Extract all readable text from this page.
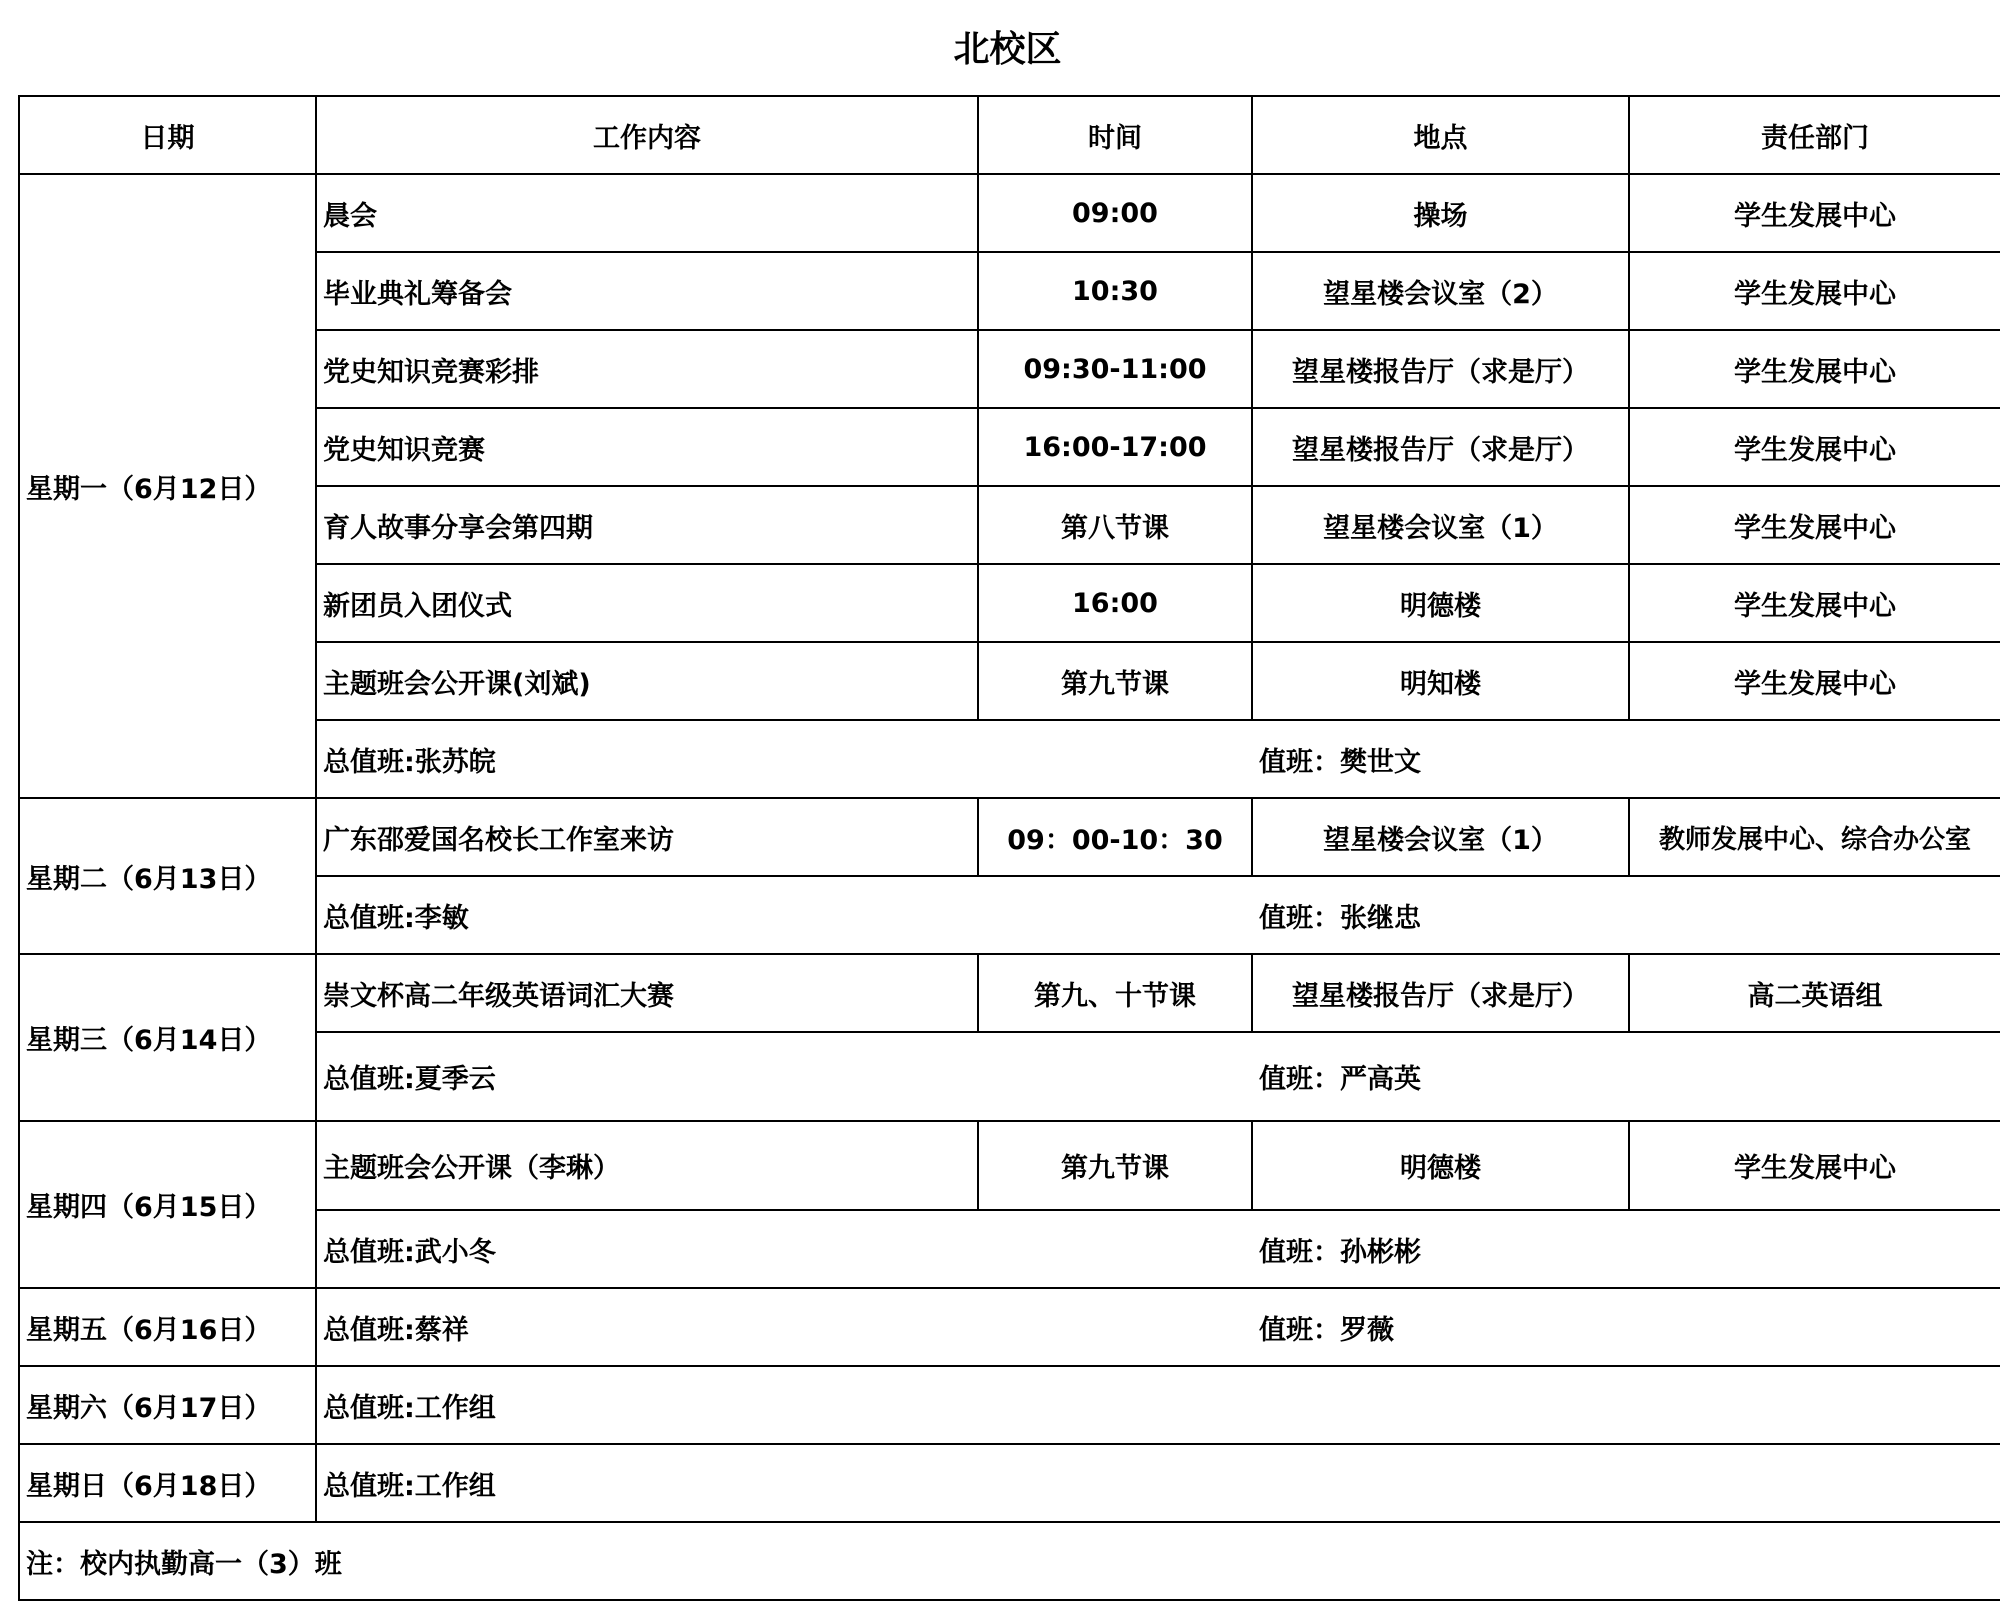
北校区
日期	工作内容	时间	地点	责任部门
星期一（6月12日）	晨会	09:00	操场	学生发展中心
	毕业典礼筹备会	10:30	望星楼会议室（2）	学生发展中心
	党史知识竞赛彩排	09:30-11:00	望星楼报告厅（求是厅）	学生发展中心
	党史知识竞赛	16:00-17:00	望星楼报告厅（求是厅）	学生发展中心
	育人故事分享会第四期	第八节课	望星楼会议室（1）	学生发展中心
	新团员入团仪式	16:00	明德楼	学生发展中心
	主题班会公开课(刘斌)	第九节课	明知楼	学生发展中心

	总值班:张苏皖 值班：樊世文			

星期二（6月13日）	广东邵爱国名校长工作室来访	09：00-10：30	望星楼会议室（1）	教师发展中心、综合办公室

	总值班:李敏 值班：张继忠			

星期三（6月14日）	崇文杯高二年级英语词汇大赛	第九、十节课	望星楼报告厅（求是厅）	高二英语组

	总值班:夏季云 值班：严高英			

星期四（6月15日）	主题班会公开课（李琳）	第九节课	明德楼	学生发展中心

	总值班:武小冬 值班：孙彬彬			

星期五（6月16日）	总值班:蔡祥 值班：罗薇			

星期六（6月17日）	总值班:工作组			
星期日（6月18日）	总值班:工作组			
注：校内执勤高一（3）班				
